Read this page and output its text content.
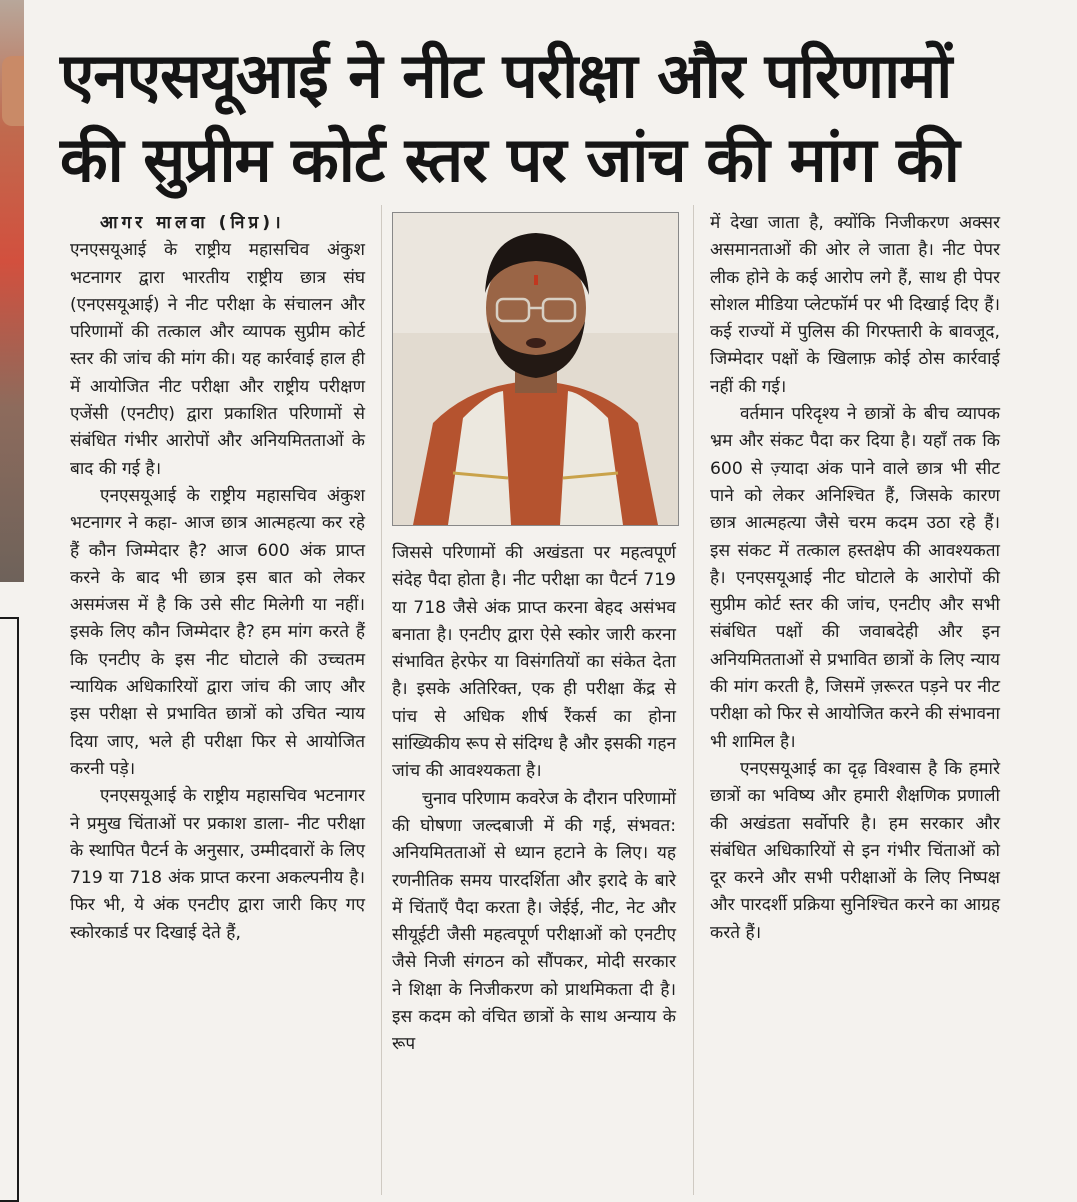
एनएसयूआई ने नीट परीक्षा और परिणामों
की सुप्रीम कोर्ट स्तर पर जांच की मांग की
आगर मालवा (निप्र)।

एनएसयूआई के राष्ट्रीय महासचिव अंकुश भटनागर द्वारा भारतीय राष्ट्रीय छात्र संघ (एनएसयूआई) ने नीट परीक्षा के संचालन और परिणामों की तत्काल और व्यापक सुप्रीम कोर्ट स्तर की जांच की मांग की। यह कार्रवाई हाल ही में आयोजित नीट परीक्षा और राष्ट्रीय परीक्षण एजेंसी (एनटीए) द्वारा प्रकाशित परिणामों से संबंधित गंभीर आरोपों और अनियमितताओं के बाद की गई है।

एनएसयूआई के राष्ट्रीय महासचिव अंकुश भटनागर ने कहा- आज छात्र आत्महत्या कर रहे हैं कौन जिम्मेदार है? आज 600 अंक प्राप्त करने के बाद भी छात्र इस बात को लेकर असमंजस में है कि उसे सीट मिलेगी या नहीं। इसके लिए कौन जिम्मेदार है? हम मांग करते हैं कि एनटीए के इस नीट घोटाले की उच्चतम न्यायिक अधिकारियों द्वारा जांच की जाए और इस परीक्षा से प्रभावित छात्रों को उचित न्याय दिया जाए, भले ही परीक्षा फिर से आयोजित करनी पड़े।

एनएसयूआई के राष्ट्रीय महासचिव भटनागर ने प्रमुख चिंताओं पर प्रकाश डाला- नीट परीक्षा के स्थापित पैटर्न के अनुसार, उम्मीदवारों के लिए 719 या 718 अंक प्राप्त करना अकल्पनीय है। फिर भी, ये अंक एनटीए द्वारा जारी किए गए स्कोरकार्ड पर दिखाई देते हैं,

जिससे परिणामों की अखंडता पर महत्वपूर्ण संदेह पैदा होता है। नीट परीक्षा का पैटर्न 719 या 718 जैसे अंक प्राप्त करना बेहद असंभव बनाता है। एनटीए द्वारा ऐसे स्कोर जारी करना संभावित हेरफेर या विसंगतियों का संकेत देता है। इसके अतिरिक्त, एक ही परीक्षा केंद्र से पांच से अधिक शीर्ष रैंकर्स का होना सांख्यिकीय रूप से संदिग्ध है और इसकी गहन जांच की आवश्यकता है।

चुनाव परिणाम कवरेज के दौरान परिणामों की घोषणा जल्दबाजी में की गई, संभवत: अनियमितताओं से ध्यान हटाने के लिए। यह रणनीतिक समय पारदर्शिता और इरादे के बारे में चिंताएँ पैदा करता है। जेईई, नीट, नेट और सीयूईटी जैसी महत्वपूर्ण परीक्षाओं को एनटीए जैसे निजी संगठन को सौंपकर, मोदी सरकार ने शिक्षा के निजीकरण को प्राथमिकता दी है। इस कदम को वंचित छात्रों के साथ अन्याय के रूप

में देखा जाता है, क्योंकि निजीकरण अक्सर असमानताओं की ओर ले जाता है। नीट पेपर लीक होने के कई आरोप लगे हैं, साथ ही पेपर सोशल मीडिया प्लेटफॉर्म पर भी दिखाई दिए हैं। कई राज्यों में पुलिस की गिरफ्तारी के बावजूद, जिम्मेदार पक्षों के खिलाफ़ कोई ठोस कार्रवाई नहीं की गई।

वर्तमान परिदृश्य ने छात्रों के बीच व्यापक भ्रम और संकट पैदा कर दिया है। यहाँ तक कि 600 से ज़्यादा अंक पाने वाले छात्र भी सीट पाने को लेकर अनिश्चित हैं, जिसके कारण छात्र आत्महत्या जैसे चरम कदम उठा रहे हैं। इस संकट में तत्काल हस्तक्षेप की आवश्यकता है। एनएसयूआई नीट घोटाले के आरोपों की सुप्रीम कोर्ट स्तर की जांच, एनटीए और सभी संबंधित पक्षों की जवाबदेही और इन अनियमितताओं से प्रभावित छात्रों के लिए न्याय की मांग करती है, जिसमें ज़रूरत पड़ने पर नीट परीक्षा को फिर से आयोजित करने की संभावना भी शामिल है।

एनएसयूआई का दृढ़ विश्वास है कि हमारे छात्रों का भविष्य और हमारी शैक्षणिक प्रणाली की अखंडता सर्वोपरि है। हम सरकार और संबंधित अधिकारियों से इन गंभीर चिंताओं को दूर करने और सभी परीक्षाओं के लिए निष्पक्ष और पारदर्शी प्रक्रिया सुनिश्चित करने का आग्रह करते हैं।
